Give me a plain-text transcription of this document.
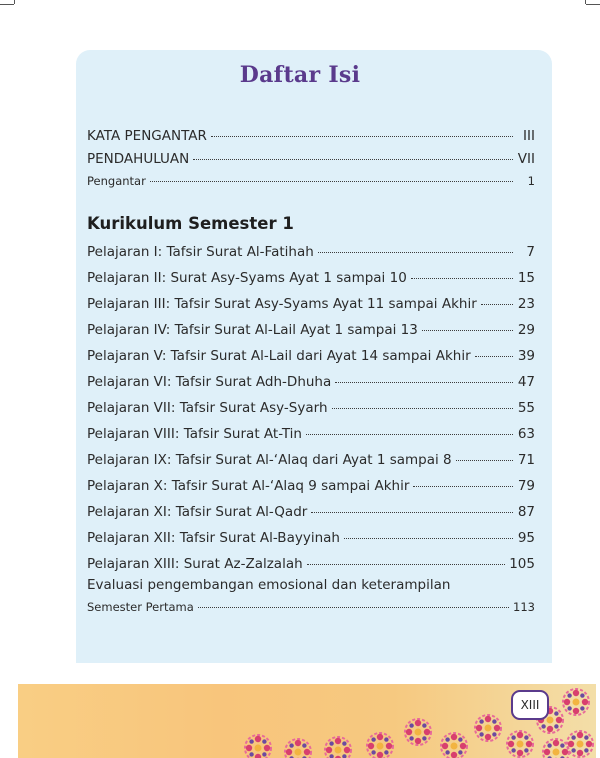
Daftar Isi
KATA PENGANTAR	III
PENDAHULUAN	VII
Pengantar	1
Kurikulum Semester 1
Pelajaran I: Tafsir Surat Al-Fatihah	7
Pelajaran II: Surat Asy-Syams Ayat 1 sampai 10	15
Pelajaran III: Tafsir Surat Asy-Syams Ayat 11 sampai Akhir	23
Pelajaran IV: Tafsir Surat Al-Lail Ayat 1 sampai 13	29
Pelajaran V: Tafsir Surat Al-Lail dari Ayat 14 sampai Akhir	39
Pelajaran VI: Tafsir Surat Adh-Dhuha	47
Pelajaran VII: Tafsir Surat Asy-Syarh	55
Pelajaran VIII: Tafsir Surat At-Tin	63
Pelajaran IX: Tafsir Surat Al-‘Alaq dari Ayat 1 sampai 8	71
Pelajaran X: Tafsir Surat Al-‘Alaq 9 sampai Akhir	79
Pelajaran XI: Tafsir Surat Al-Qadr	87
Pelajaran XII: Tafsir Surat Al-Bayyinah	95
Pelajaran XIII: Surat Az-Zalzalah	105
Evaluasi pengembangan emosional dan keterampilan
Semester Pertama	113
XIII
